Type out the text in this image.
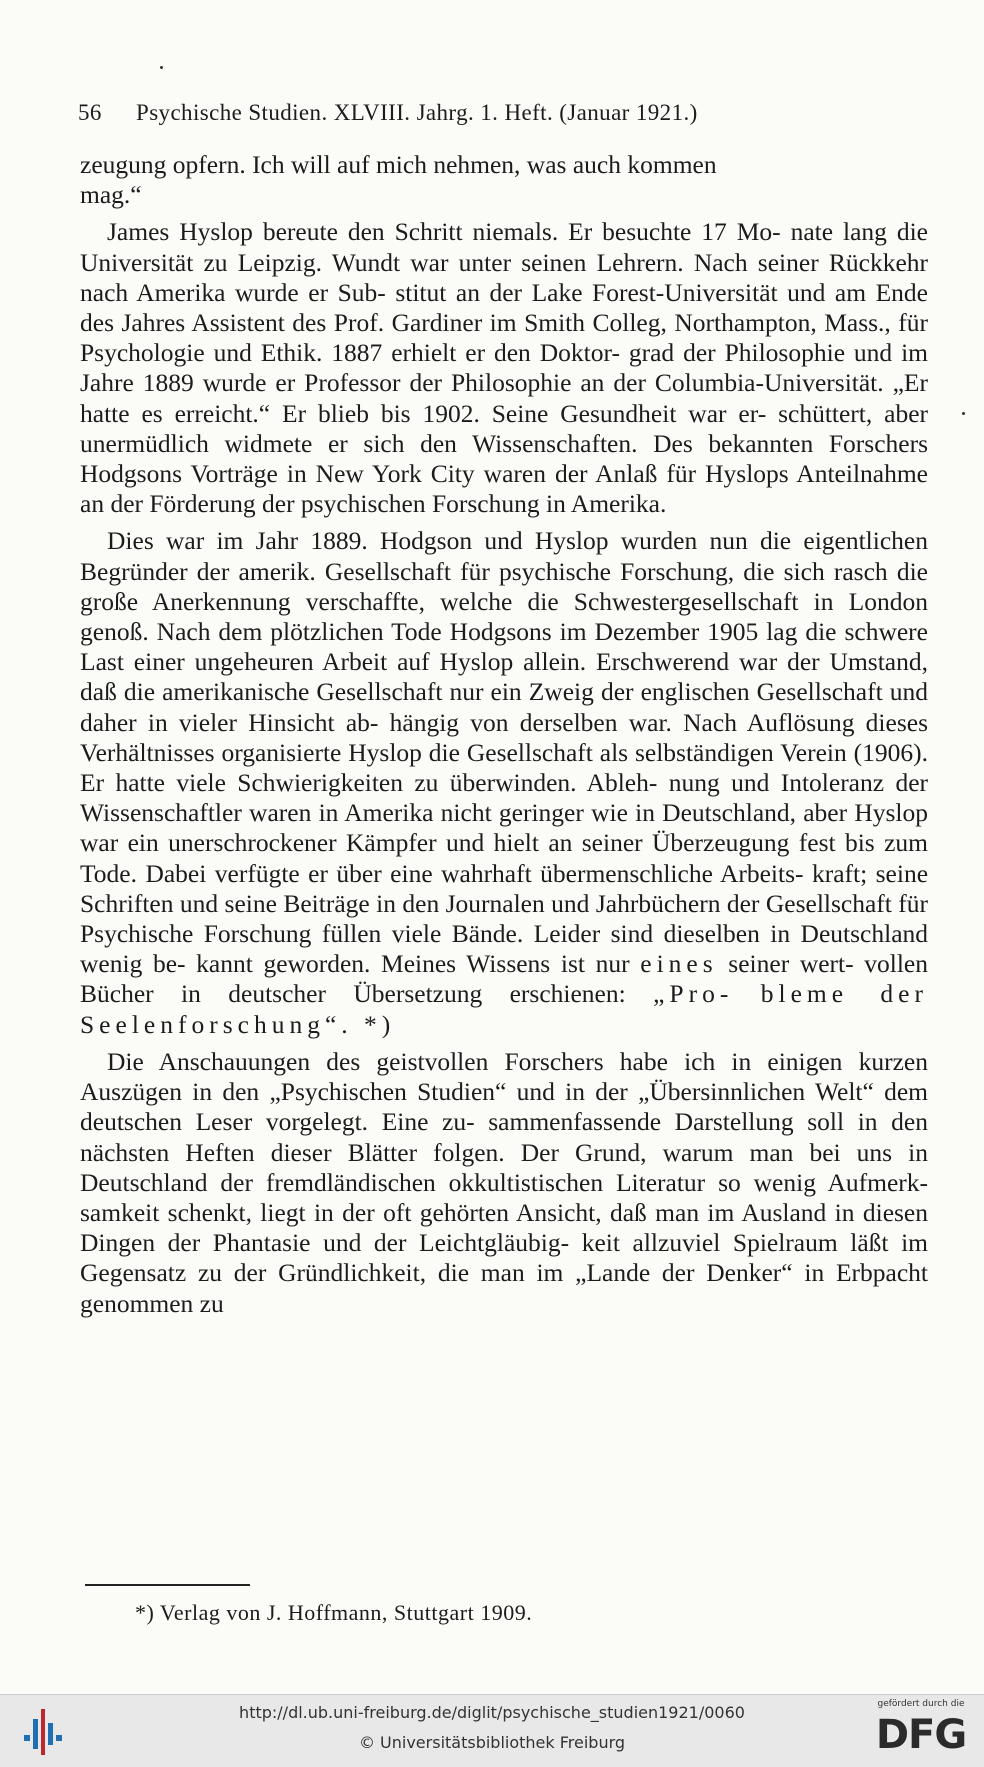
56 Psychische Studien. XLVIII. Jahrg. 1. Heft. (Januar 1921.)

zeugung opfern. Ich will auf mich nehmen, was auch kommen
mag.“

James Hyslop bereute den Schritt niemals. Er besuchte 17 Mo- nate lang die Universität zu Leipzig. Wundt war unter seinen Lehrern. Nach seiner Rückkehr nach Amerika wurde er Sub- stitut an der Lake Forest-Universität und am Ende des Jahres Assistent des Prof. Gardiner im Smith Colleg, Northampton, Mass., für Psychologie und Ethik. 1887 erhielt er den Doktor- grad der Philosophie und im Jahre 1889 wurde er Professor der Philosophie an der Columbia-Universität. „Er hatte es erreicht.“ Er blieb bis 1902. Seine Gesundheit war er- schüttert, aber unermüdlich widmete er sich den Wissenschaften. Des bekannten Forschers Hodgsons Vorträge in New York City waren der Anlaß für Hyslops Anteilnahme an der Förderung der psychischen Forschung in Amerika.

Dies war im Jahr 1889. Hodgson und Hyslop wurden nun die eigentlichen Begründer der amerik. Gesellschaft für psychische Forschung, die sich rasch die große Anerkennung verschaffte, welche die Schwestergesellschaft in London genoß. Nach dem plötzlichen Tode Hodgsons im Dezember 1905 lag die schwere Last einer ungeheuren Arbeit auf Hyslop allein. Erschwerend war der Umstand, daß die amerikanische Gesellschaft nur ein Zweig der englischen Gesellschaft und daher in vieler Hinsicht ab- hängig von derselben war. Nach Auflösung dieses Verhältnisses organisierte Hyslop die Gesellschaft als selbständigen Verein (1906). Er hatte viele Schwierigkeiten zu überwinden. Ableh- nung und Intoleranz der Wissenschaftler waren in Amerika nicht geringer wie in Deutschland, aber Hyslop war ein unerschrockener Kämpfer und hielt an seiner Überzeugung fest bis zum Tode. Dabei verfügte er über eine wahrhaft übermenschliche Arbeits- kraft; seine Schriften und seine Beiträge in den Journalen und Jahrbüchern der Gesellschaft für Psychische Forschung füllen viele Bände. Leider sind dieselben in Deutschland wenig be- kannt geworden. Meines Wissens ist nur eines seiner wert- vollen Bücher in deutscher Übersetzung erschienen: „Pro- bleme der Seelenforschung“. *)

Die Anschauungen des geistvollen Forschers habe ich in einigen kurzen Auszügen in den „Psychischen Studien“ und in der „Übersinnlichen Welt“ dem deutschen Leser vorgelegt. Eine zu- sammenfassende Darstellung soll in den nächsten Heften dieser Blätter folgen. Der Grund, warum man bei uns in Deutschland der fremdländischen okkultistischen Literatur so wenig Aufmerk- samkeit schenkt, liegt in der oft gehörten Ansicht, daß man im Ausland in diesen Dingen der Phantasie und der Leichtgläubig- keit allzuviel Spielraum läßt im Gegensatz zu der Gründlichkeit, die man im „Lande der Denker“ in Erbpacht genommen zu

*) Verlag von J. Hoffmann, Stuttgart 1909.
http://dl.ub.uni-freiburg.de/diglit/psychische_studien1921/0060
© Universitätsbibliothek Freiburg
gefördert durch die
DFG
